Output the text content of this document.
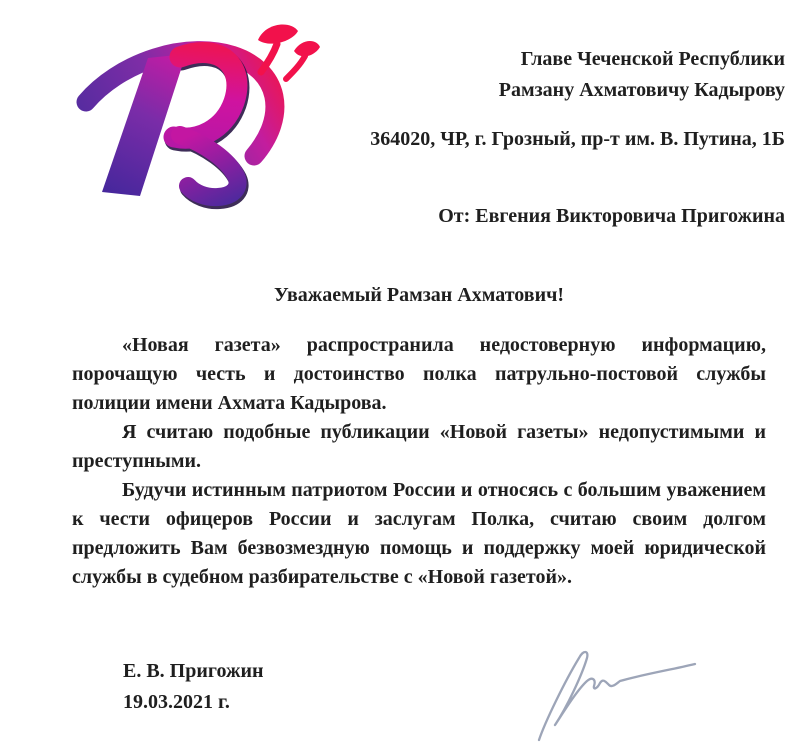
Главе Чеченской Республики
Рамзану Ахматовичу Кадырову
364020, ЧР, г. Грозный, пр-т им. В. Путина, 1Б
От: Евгения Викторовича Пригожина
Уважаемый Рамзан Ахматович!

«Новая газета» распространила недостоверную информацию, порочащую честь и достоинство полка патрульно-постовой службы полиции имени Ахмата Кадырова.

Я считаю подобные публикации «Новой газеты» недопустимыми и преступными.

Будучи истинным патриотом России и относясь с большим уважением к чести офицеров России и заслугам Полка, считаю своим долгом предложить Вам безвозмездную помощь и поддержку моей юридической службы в судебном разбирательстве с «Новой газетой».

Е. В. Пригожин
19.03.2021 г.
